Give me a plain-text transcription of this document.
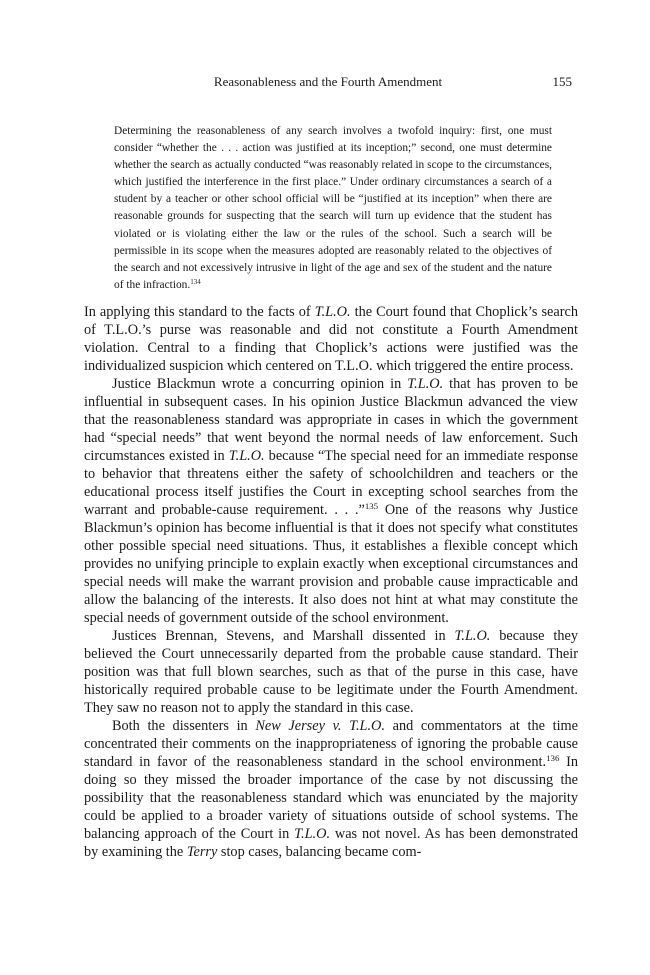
Reasonableness and the Fourth Amendment	155
Determining the reasonableness of any search involves a twofold inquiry: first, one must consider “whether the . . . action was justified at its inception;” second, one must determine whether the search as actually conducted “was reasonably related in scope to the circumstances, which justified the interference in the first place.” Under ordinary circumstances a search of a student by a teacher or other school official will be “justified at its inception” when there are reasonable grounds for suspecting that the search will turn up evidence that the student has violated or is violating either the law or the rules of the school. Such a search will be permissible in its scope when the measures adopted are reasonably related to the objectives of the search and not excessively intrusive in light of the age and sex of the student and the nature of the infraction.$^{134}$

In applying this standard to the facts of T.L.O. the Court found that Choplick’s search of T.L.O.’s purse was reasonable and did not constitute a Fourth Amendment violation. Central to a finding that Choplick’s actions were justified was the individualized suspicion which centered on T.L.O. which triggered the entire process.

Justice Blackmun wrote a concurring opinion in T.L.O. that has proven to be influential in subsequent cases. In his opinion Justice Blackmun advanced the view that the reasonableness standard was appropriate in cases in which the government had “special needs” that went beyond the normal needs of law enforcement. Such circumstances existed in T.L.O. because “The special need for an immediate response to behavior that threatens either the safety of schoolchildren and teachers or the educational process itself justifies the Court in excepting school searches from the warrant and probable-cause requirement. . . .”$^{135}$ One of the reasons why Justice Blackmun’s opinion has become influential is that it does not specify what constitutes other possible special need situations. Thus, it establishes a flexible concept which provides no unifying principle to explain exactly when exceptional circumstances and special needs will make the warrant provision and probable cause impracticable and allow the balancing of the interests. It also does not hint at what may constitute the special needs of government outside of the school environment.

Justices Brennan, Stevens, and Marshall dissented in T.L.O. because they believed the Court unnecessarily departed from the probable cause standard. Their position was that full blown searches, such as that of the purse in this case, have historically required probable cause to be legitimate under the Fourth Amendment. They saw no reason not to apply the standard in this case.

Both the dissenters in New Jersey v. T.L.O. and commentators at the time concentrated their comments on the inappropriateness of ignoring the probable cause standard in favor of the reasonableness standard in the school environment.$^{136}$ In doing so they missed the broader importance of the case by not discussing the possibility that the reasonableness standard which was enunciated by the majority could be applied to a broader variety of situations outside of school systems. The balancing approach of the Court in T.L.O. was not novel. As has been demonstrated by examining the Terry stop cases, balancing became com-
